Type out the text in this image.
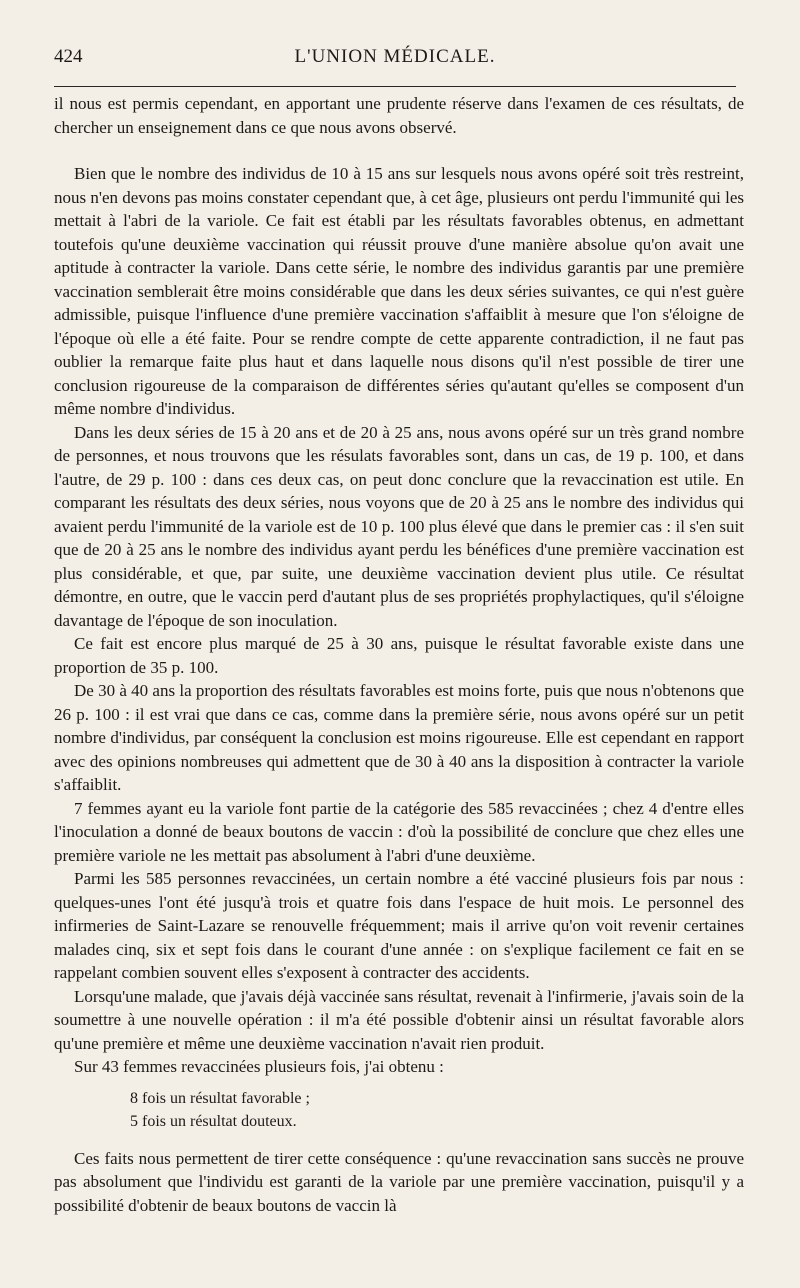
424	L'UNION MÉDICALE.

il nous est permis cependant, en apportant une prudente réserve dans l'examen de ces résultats, de chercher un enseignement dans ce que nous avons observé.

Bien que le nombre des individus de 10 à 15 ans sur lesquels nous avons opéré soit très restreint, nous n'en devons pas moins constater cependant que, à cet âge, plusieurs ont perdu l'immunité qui les mettait à l'abri de la variole. Ce fait est établi par les résultats favorables obtenus, en admettant toutefois qu'une deuxième vaccination qui réussit prouve d'une manière absolue qu'on avait une aptitude à contracter la variole. Dans cette série, le nombre des individus garantis par une première vaccination semblerait être moins considérable que dans les deux séries suivantes, ce qui n'est guère admissible, puisque l'influence d'une première vaccination s'affaiblit à mesure que l'on s'éloigne de l'époque où elle a été faite. Pour se rendre compte de cette apparente contradiction, il ne faut pas oublier la remarque faite plus haut et dans laquelle nous disons qu'il n'est possible de tirer une conclusion rigoureuse de la comparaison de différentes séries qu'autant qu'elles se composent d'un même nombre d'individus.

Dans les deux séries de 15 à 20 ans et de 20 à 25 ans, nous avons opéré sur un très grand nombre de personnes, et nous trouvons que les résulats favorables sont, dans un cas, de 19 p. 100, et dans l'autre, de 29 p. 100 : dans ces deux cas, on peut donc conclure que la revaccination est utile. En comparant les résultats des deux séries, nous voyons que de 20 à 25 ans le nombre des individus qui avaient perdu l'immunité de la variole est de 10 p. 100 plus élevé que dans le premier cas : il s'en suit que de 20 à 25 ans le nombre des individus ayant perdu les bénéfices d'une première vaccination est plus considérable, et que, par suite, une deuxième vaccination devient plus utile. Ce résultat démontre, en outre, que le vaccin perd d'autant plus de ses propriétés prophylactiques, qu'il s'éloigne davantage de l'époque de son inoculation.

Ce fait est encore plus marqué de 25 à 30 ans, puisque le résultat favorable existe dans une proportion de 35 p. 100.

De 30 à 40 ans la proportion des résultats favorables est moins forte, puis que nous n'obtenons que 26 p. 100 : il est vrai que dans ce cas, comme dans la première série, nous avons opéré sur un petit nombre d'individus, par conséquent la conclusion est moins rigoureuse. Elle est cependant en rapport avec des opinions nombreuses qui admettent que de 30 à 40 ans la disposition à contracter la variole s'affaiblit.

7 femmes ayant eu la variole font partie de la catégorie des 585 revaccinées ; chez 4 d'entre elles l'inoculation a donné de beaux boutons de vaccin : d'où la possibilité de conclure que chez elles une première variole ne les mettait pas absolument à l'abri d'une deuxième.

Parmi les 585 personnes revaccinées, un certain nombre a été vacciné plusieurs fois par nous : quelques-unes l'ont été jusqu'à trois et quatre fois dans l'espace de huit mois. Le personnel des infirmeries de Saint-Lazare se renouvelle fréquemment; mais il arrive qu'on voit revenir certaines malades cinq, six et sept fois dans le courant d'une année : on s'explique facilement ce fait en se rappelant combien souvent elles s'exposent à contracter des accidents.

Lorsqu'une malade, que j'avais déjà vaccinée sans résultat, revenait à l'infirmerie, j'avais soin de la soumettre à une nouvelle opération : il m'a été possible d'obtenir ainsi un résultat favorable alors qu'une première et même une deuxième vaccination n'avait rien produit.

Sur 43 femmes revaccinées plusieurs fois, j'ai obtenu :

8 fois un résultat favorable ;
5 fois un résultat douteux.

Ces faits nous permettent de tirer cette conséquence : qu'une revaccination sans succès ne prouve pas absolument que l'individu est garanti de la variole par une première vaccination, puisqu'il y a possibilité d'obtenir de beaux boutons de vaccin là
